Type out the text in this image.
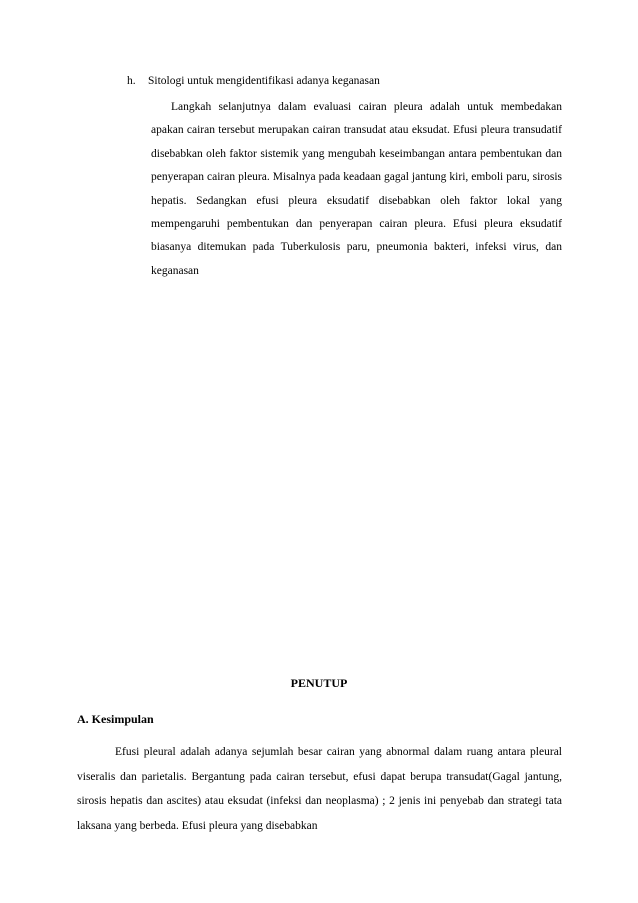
h. Sitologi untuk mengidentifikasi adanya keganasan

Langkah selanjutnya dalam evaluasi cairan pleura adalah untuk membedakan apakan cairan tersebut merupakan cairan transudat atau eksudat. Efusi pleura transudatif disebabkan oleh faktor sistemik yang mengubah keseimbangan antara pembentukan dan penyerapan cairan pleura. Misalnya pada keadaan gagal jantung kiri, emboli paru, sirosis hepatis. Sedangkan efusi pleura eksudatif disebabkan oleh faktor lokal yang mempengaruhi pembentukan dan penyerapan cairan pleura. Efusi pleura eksudatif biasanya ditemukan pada Tuberkulosis paru, pneumonia bakteri, infeksi virus, dan keganasan

PENUTUP
A. Kesimpulan

Efusi pleural adalah adanya sejumlah besar cairan yang abnormal dalam ruang antara pleural viseralis dan parietalis. Bergantung pada cairan tersebut, efusi dapat berupa transudat(Gagal jantung, sirosis hepatis dan ascites) atau eksudat (infeksi dan neoplasma) ; 2 jenis ini penyebab dan strategi tata laksana yang berbeda. Efusi pleura yang disebabkan
